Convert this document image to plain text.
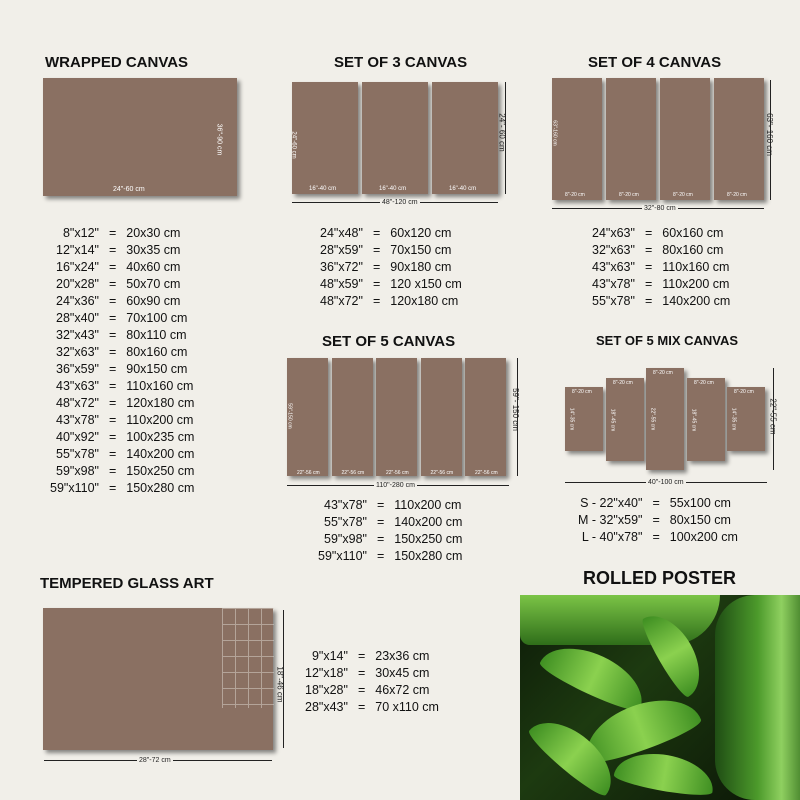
WRAPPED CANVAS
24"-60 cm
36"-90 cm
8"x12"	=	20x30 cm
12"x14"	=	30x35 cm
16"x24"	=	40x60 cm
20"x28"	=	50x70 cm
24"x36"	=	60x90 cm
28"x40"	=	70x100 cm
32"x43"	=	80x110 cm
32"x63"	=	80x160 cm
36"x59"	=	90x150 cm
43"x63"	=	110x160 cm
48"x72"	=	120x180 cm
43"x78"	=	110x200 cm
40"x92"	=	100x235 cm
55"x78"	=	140x200 cm
59"x98"	=	150x250 cm
59"x110"	=	150x280 cm
SET OF 3 CANVAS
16"-40 cm
24"-60 cm
16"-40 cm	16"-40 cm
48"-120 cm
24"- 60 cm
24"x48"	=	60x120 cm
28"x59"	=	70x150 cm
36"x72"	=	90x180 cm
48"x59"	=	120 x150 cm
48"x72"	=	120x180 cm
SET OF 4 CANVAS
8"-20 cm
63"-160 cm
8"-20 cm	8"-20 cm	8"-20 cm
32"-80 cm
63"- 160 cm
24"x63"	=	60x160 cm
32"x63"	=	80x160 cm
43"x63"	=	110x160 cm
43"x78"	=	110x200 cm
55"x78"	=	140x200 cm
SET OF 5 CANVAS
22"-56 cm
59"-150 cm
22"-56 cm	22"-56 cm	22"-56 cm	22"-56 cm
110"-280 cm
59"- 150 cm
43"x78"	=	110x200 cm
55"x78"	=	140x200 cm
59"x98"	=	150x250 cm
59"x110"	=	150x280 cm
SET OF 5 MIX CANVAS
8"-20 cm
14"-35 cm
8"-20 cm
18"-45 cm
8"-20 cm
22"-55 cm
8"-20 cm
18"-45 cm
8"-20 cm
14"-35 cm
40"-100 cm
22"-55 cm
S - 22"x40"	=	55x100 cm
M - 32"x59"	=	80x150 cm
L - 40"x78"	=	100x200 cm
TEMPERED GLASS ART
28"-72 cm
18"-46 cm
9"x14"	=	23x36 cm
12"x18"	=	30x45 cm
18"x28"	=	46x72 cm
28"x43"	=	70 x110 cm
ROLLED POSTER
